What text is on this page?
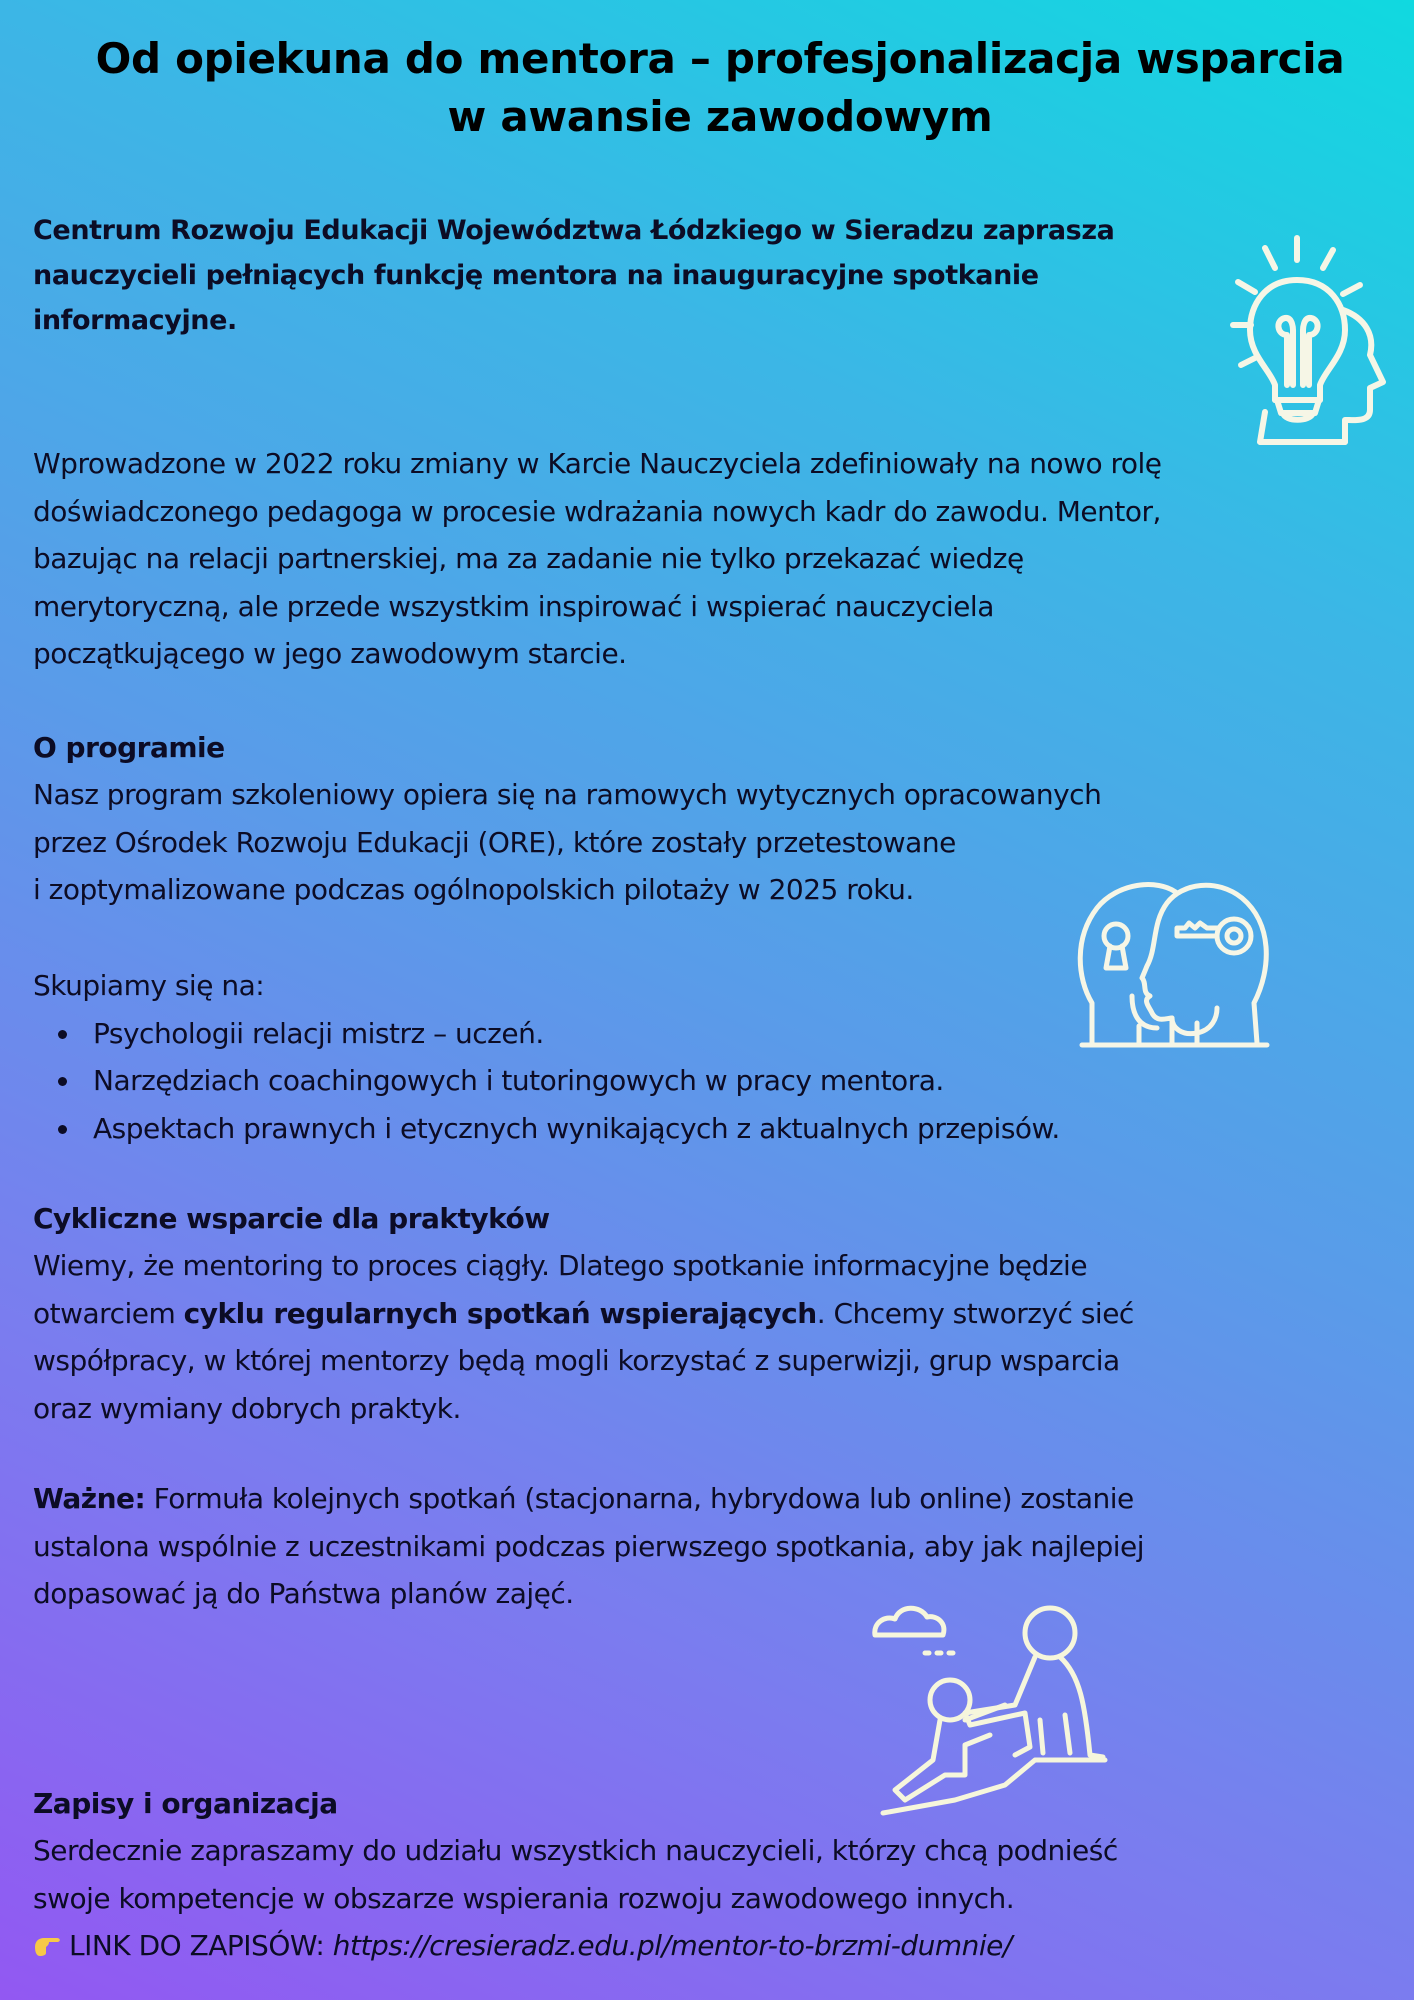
Od opiekuna do mentora – profesjonalizacja wsparcia
w awansie zawodowym
Centrum Rozwoju Edukacji Województwa Łódzkiego w Sieradzu zaprasza
nauczycieli pełniących funkcję mentora na inauguracyjne spotkanie
informacyjne.
Wprowadzone w 2022 roku zmiany w Karcie Nauczyciela zdefiniowały na nowo rolę
doświadczonego pedagoga w procesie wdrażania nowych kadr do zawodu. Mentor,
bazując na relacji partnerskiej, ma za zadanie nie tylko przekazać wiedzę
merytoryczną, ale przede wszystkim inspirować i wspierać nauczyciela
początkującego w jego zawodowym starcie.
O programie
Nasz program szkoleniowy opiera się na ramowych wytycznych opracowanych
przez Ośrodek Rozwoju Edukacji (ORE), które zostały przetestowane
i zoptymalizowane podczas ogólnopolskich pilotaży w 2025 roku.
Skupiamy się na:
Psychologii relacji mistrz – uczeń.
Narzędziach coachingowych i tutoringowych w pracy mentora.
Aspektach prawnych i etycznych wynikających z aktualnych przepisów.
Cykliczne wsparcie dla praktyków
Wiemy, że mentoring to proces ciągły. Dlatego spotkanie informacyjne będzie
otwarciem cyklu regularnych spotkań wspierających. Chcemy stworzyć sieć
współpracy, w której mentorzy będą mogli korzystać z superwizji, grup wsparcia
oraz wymiany dobrych praktyk.
Ważne: Formuła kolejnych spotkań (stacjonarna, hybrydowa lub online) zostanie
ustalona wspólnie z uczestnikami podczas pierwszego spotkania, aby jak najlepiej
dopasować ją do Państwa planów zajęć.
Zapisy i organizacja
Serdecznie zapraszamy do udziału wszystkich nauczycieli, którzy chcą podnieść
swoje kompetencje w obszarze wspierania rozwoju zawodowego innych.
LINK DO ZAPISÓW: https://cresieradz.edu.pl/mentor-to-brzmi-dumnie/
